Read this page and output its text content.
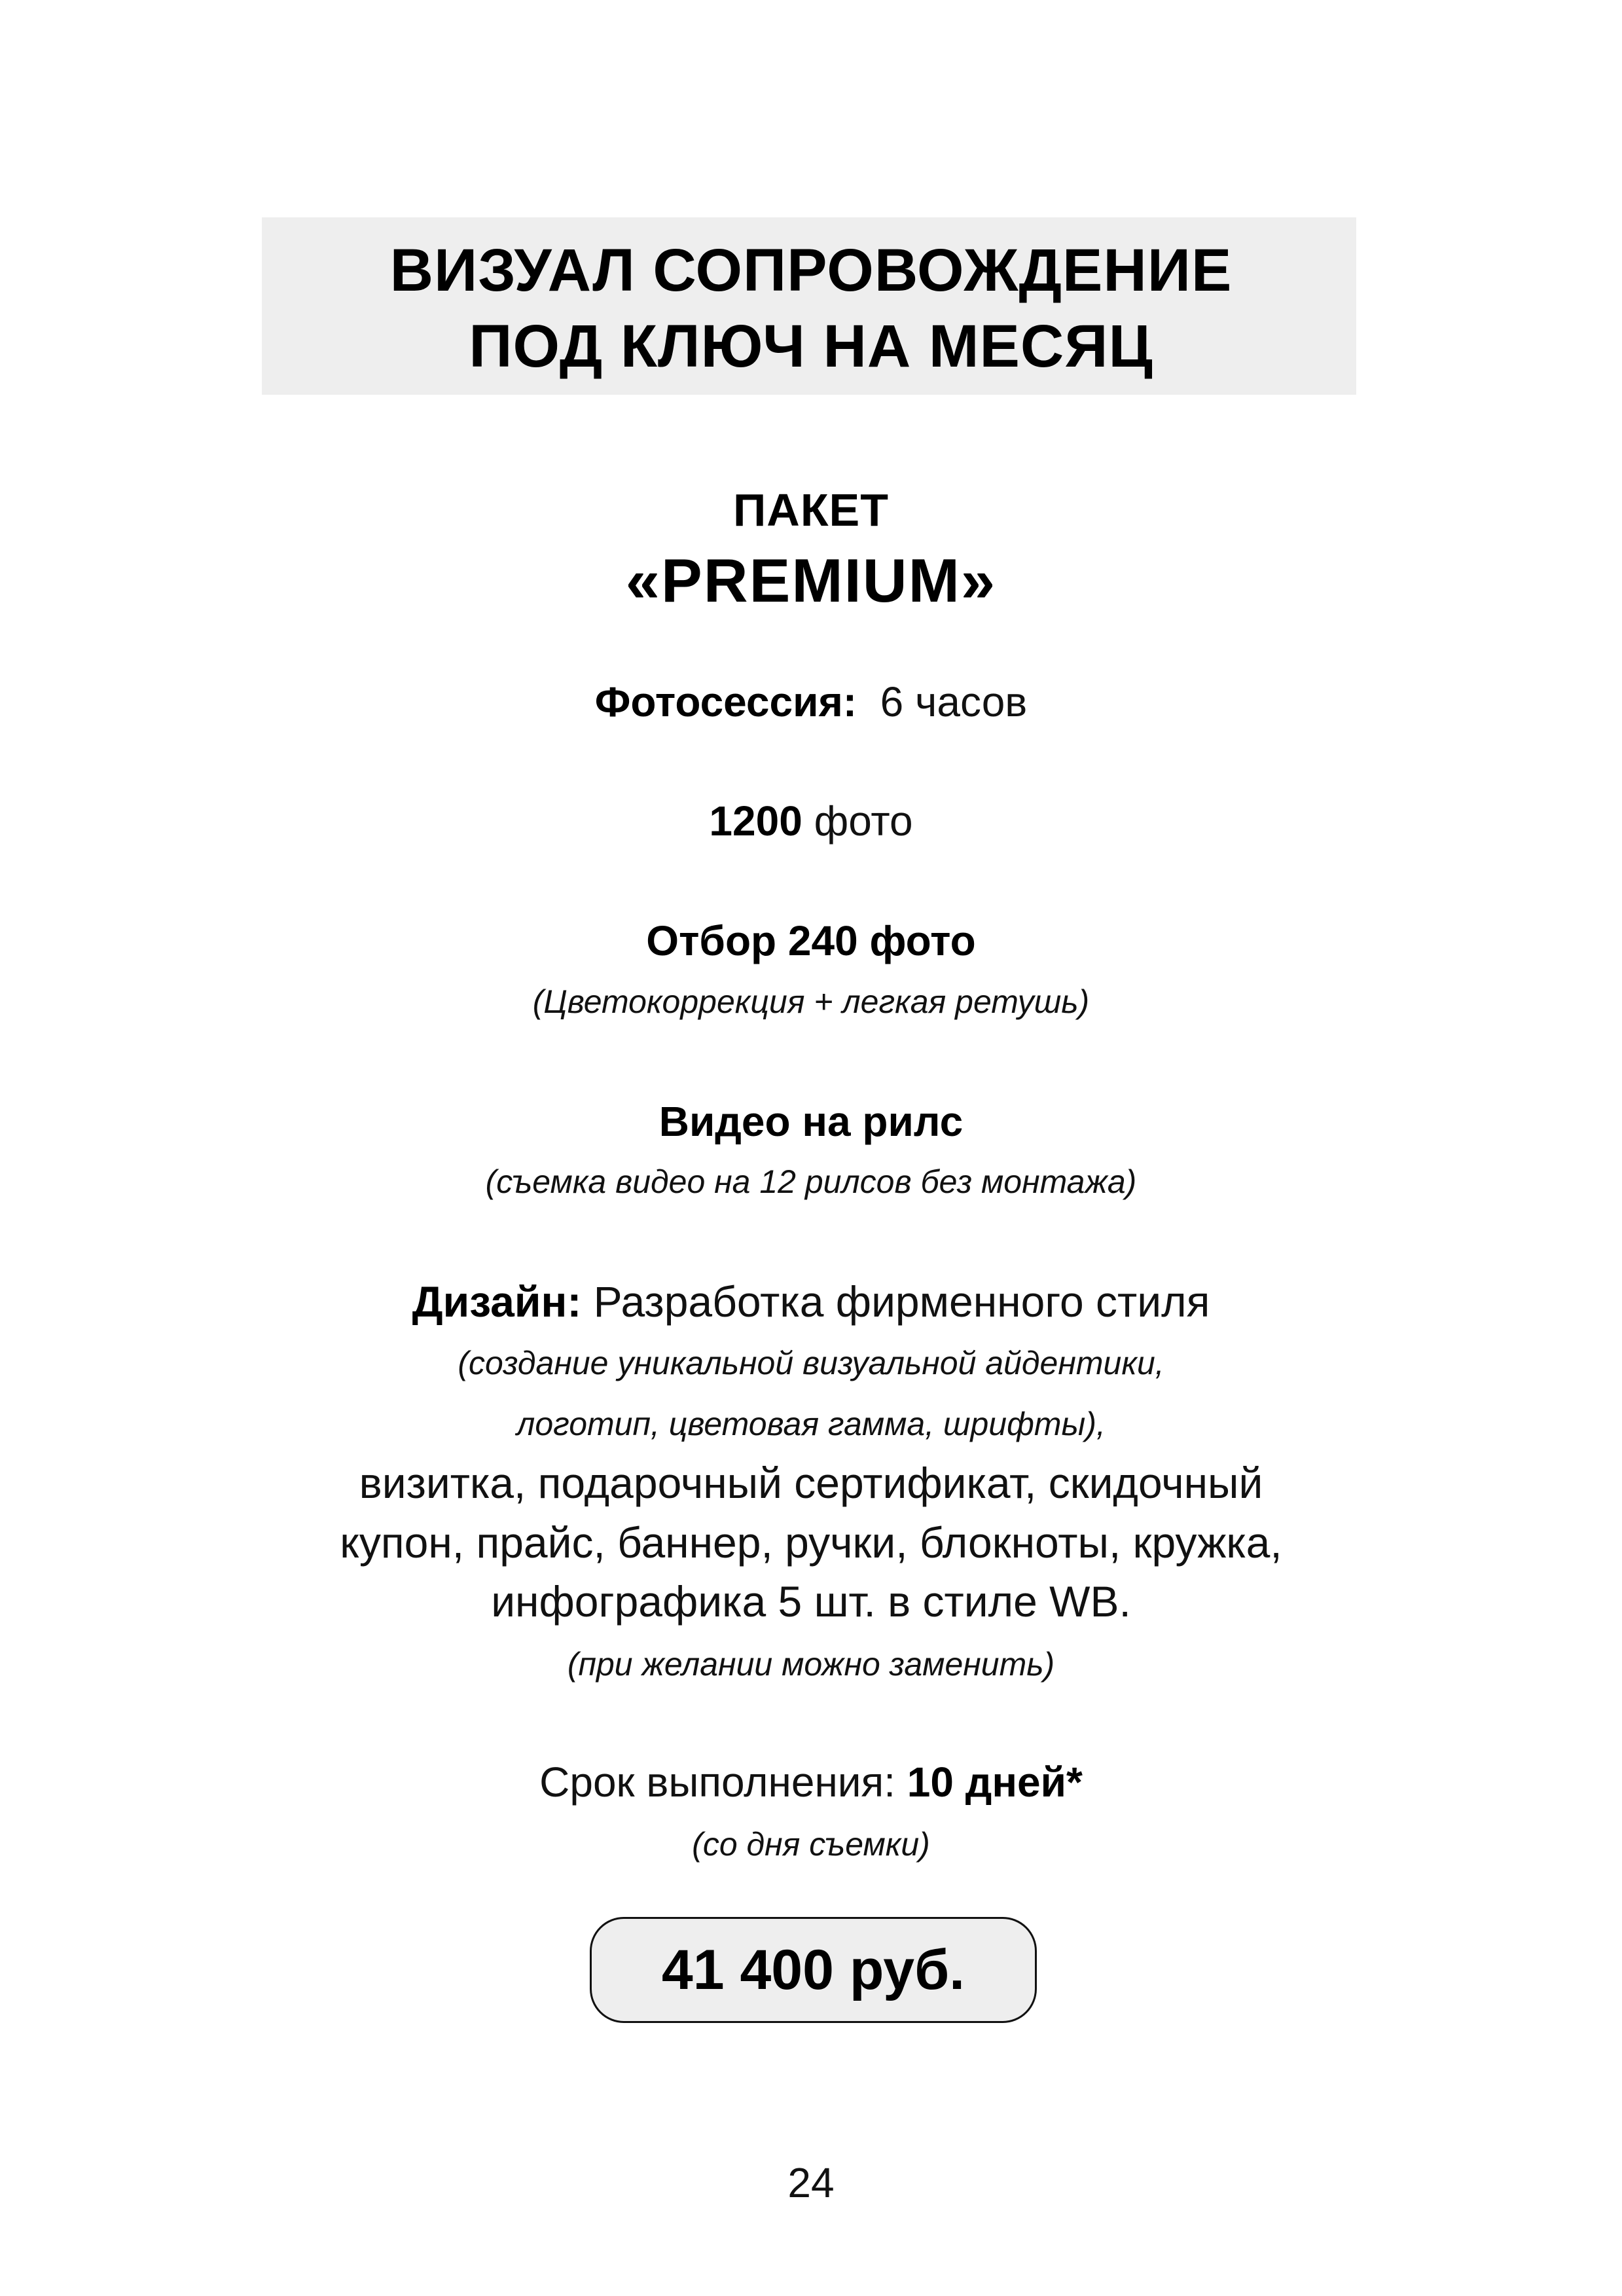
ВИЗУАЛ СОПРОВОЖДЕНИЕ
ПОД КЛЮЧ НА МЕСЯЦ
ПАКЕТ
«PREMIUM»
Фотосессия: 6 часов
1200 фото
Отбор 240 фото
(Цветокоррекция + легкая ретушь)
Видео на рилс
(съемка видео на 12 рилсов без монтажа)
Дизайн: Разработка фирменного стиля
(создание уникальной визуальной айдентики,
логотип, цветовая гамма, шрифты),
визитка, подарочный сертификат, скидочный
купон, прайс, баннер, ручки, блокноты, кружка,
инфографика 5 шт. в стиле WB.
(при желании можно заменить)
Срок выполнения: 10 дней*
(со дня съемки)
41 400 руб.
24
